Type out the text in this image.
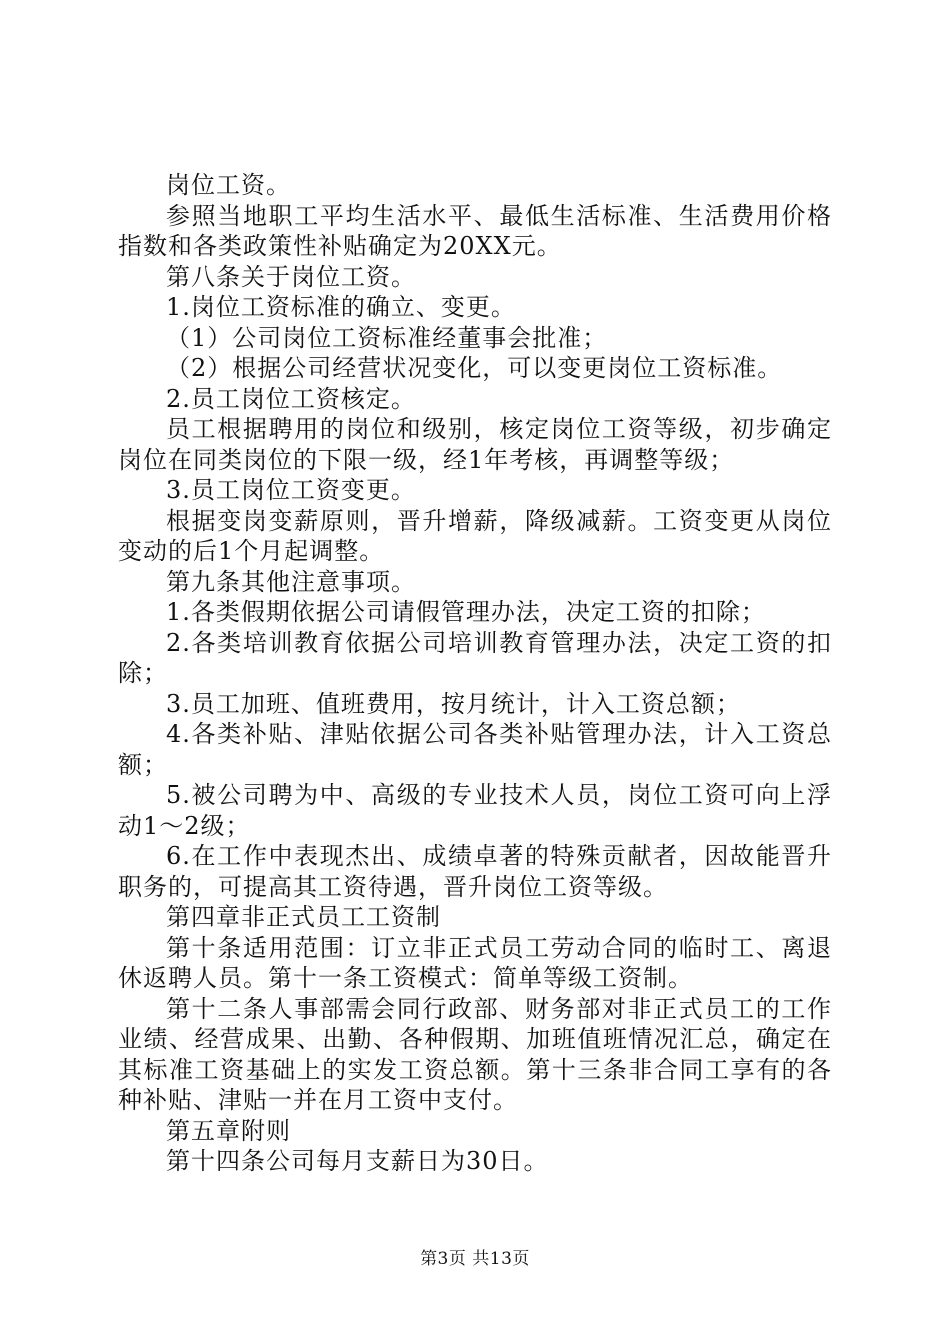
岗位工资。

参照当地职工平均生活水平、最低生活标准、生活费用价格指数和各类政策性补贴确定为20XX元。

第八条关于岗位工资。

1.岗位工资标准的确立、变更。

（1）公司岗位工资标准经董事会批准；

（2）根据公司经营状况变化，可以变更岗位工资标准。

2.员工岗位工资核定。

员工根据聘用的岗位和级别，核定岗位工资等级，初步确定岗位在同类岗位的下限一级，经1年考核，再调整等级；

3.员工岗位工资变更。

根据变岗变薪原则，晋升增薪，降级减薪。工资变更从岗位变动的后1个月起调整。

第九条其他注意事项。

1.各类假期依据公司请假管理办法，决定工资的扣除；

2.各类培训教育依据公司培训教育管理办法，决定工资的扣除；

3.员工加班、值班费用，按月统计，计入工资总额；

4.各类补贴、津贴依据公司各类补贴管理办法，计入工资总额；

5.被公司聘为中、高级的专业技术人员，岗位工资可向上浮动1～2级；

6.在工作中表现杰出、成绩卓著的特殊贡献者，因故能晋升职务的，可提高其工资待遇，晋升岗位工资等级。

第四章非正式员工工资制

第十条适用范围：订立非正式员工劳动合同的临时工、离退休返聘人员。第十一条工资模式：简单等级工资制。

第十二条人事部需会同行政部、财务部对非正式员工的工作业绩、经营成果、出勤、各种假期、加班值班情况汇总，确定在其标准工资基础上的实发工资总额。第十三条非合同工享有的各种补贴、津贴一并在月工资中支付。

第五章附则

第十四条公司每月支薪日为30日。

第3页 共13页
